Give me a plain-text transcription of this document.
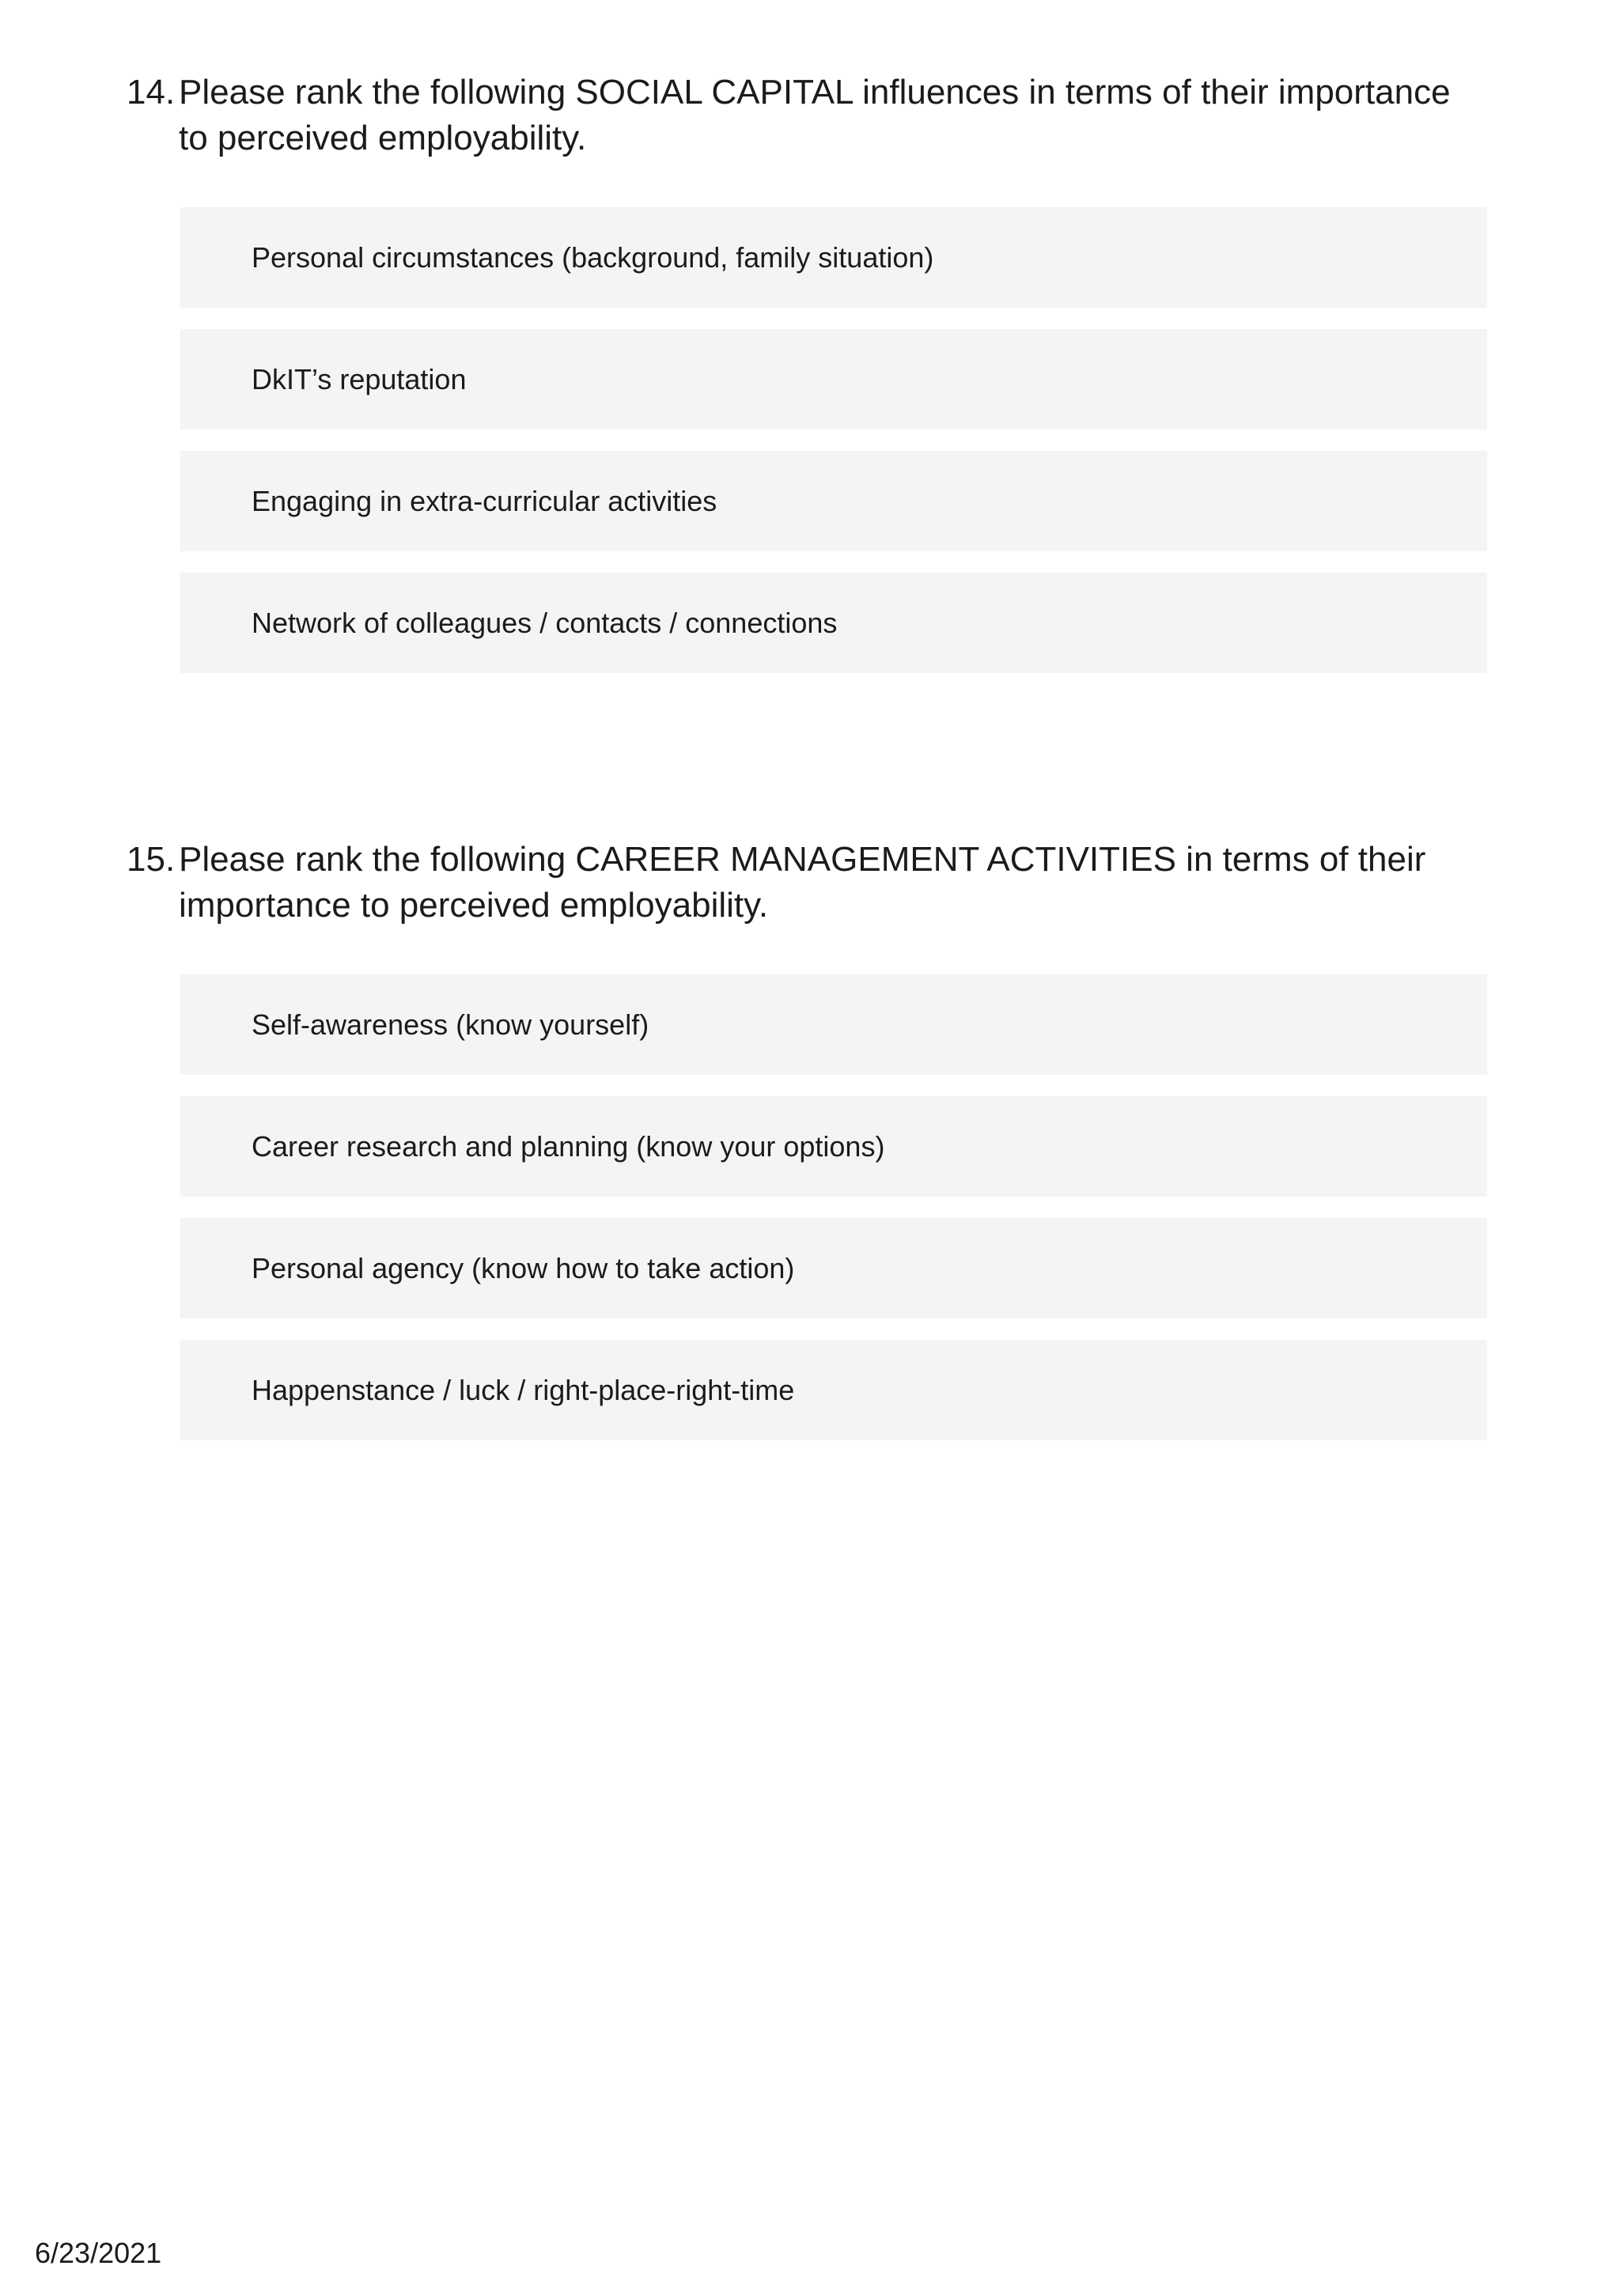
14. Please rank the following SOCIAL CAPITAL influences in terms of their importance to perceived employability.
Personal circumstances (background, family situation)
DkIT’s reputation
Engaging in extra-curricular activities
Network of colleagues / contacts / connections
15. Please rank the following CAREER MANAGEMENT ACTIVITIES in terms of their importance to perceived employability.
Self-awareness (know yourself)
Career research and planning (know your options)
Personal agency (know how to take action)
Happenstance / luck / right-place-right-time
6/23/2021
